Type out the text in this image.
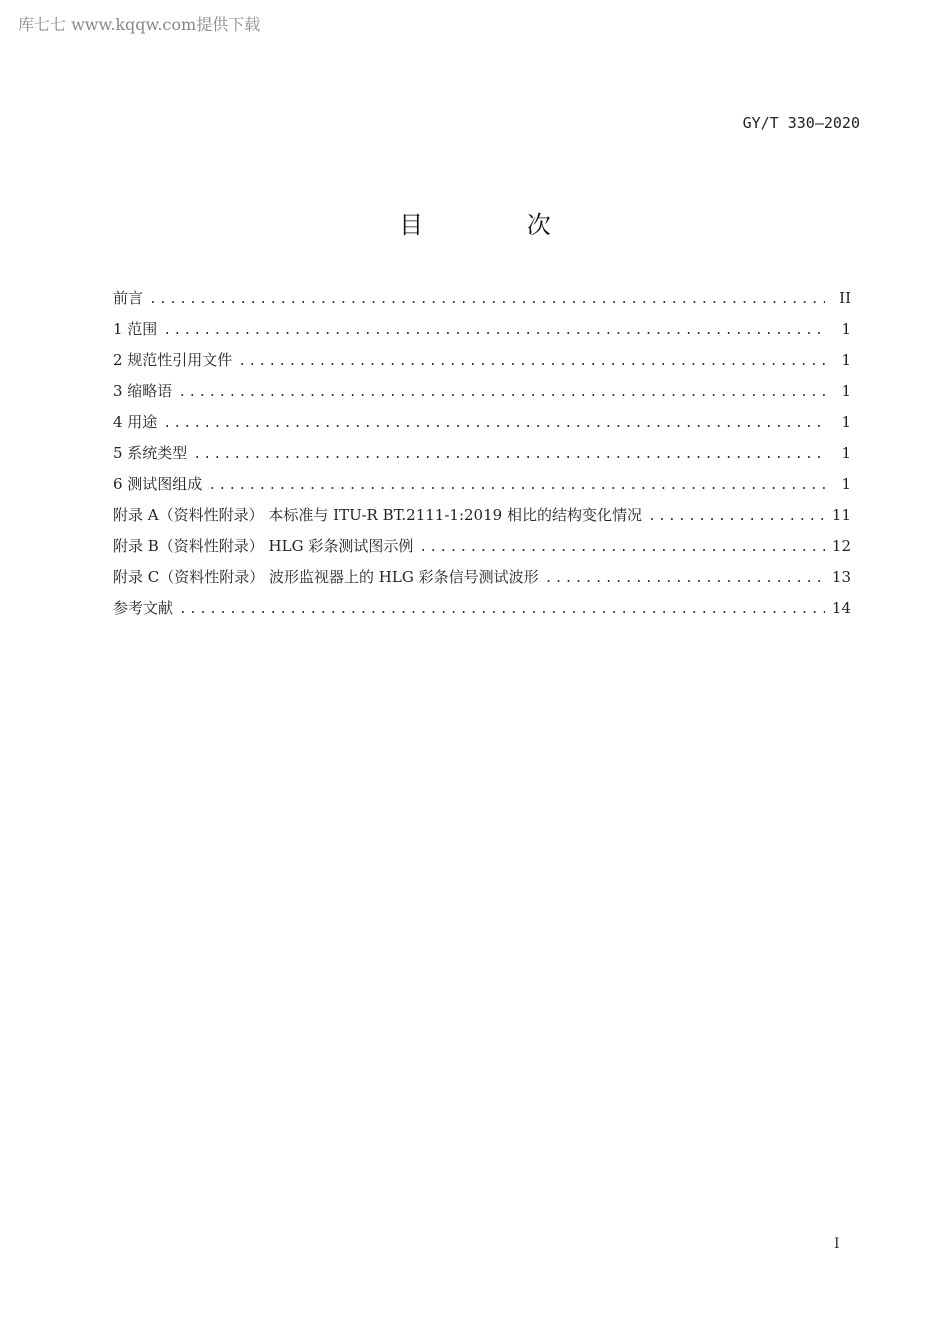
库七七 www.kqqw.com提供下载
GY/T 330—2020
目 次
前言 .....	II
1 范围 .....	1
2 规范性引用文件 .....	1
3 缩略语 .....	1
4 用途 .....	1
5 系统类型 .....	1
6 测试图组成 .....	1
附录 A（资料性附录） 本标准与 ITU-R BT.2111-1:2019 相比的结构变化情况 .....	11
附录 B（资料性附录） HLG 彩条测试图示例 .....	12
附录 C（资料性附录） 波形监视器上的 HLG 彩条信号测试波形 .....	13
参考文献 .....	14
I
